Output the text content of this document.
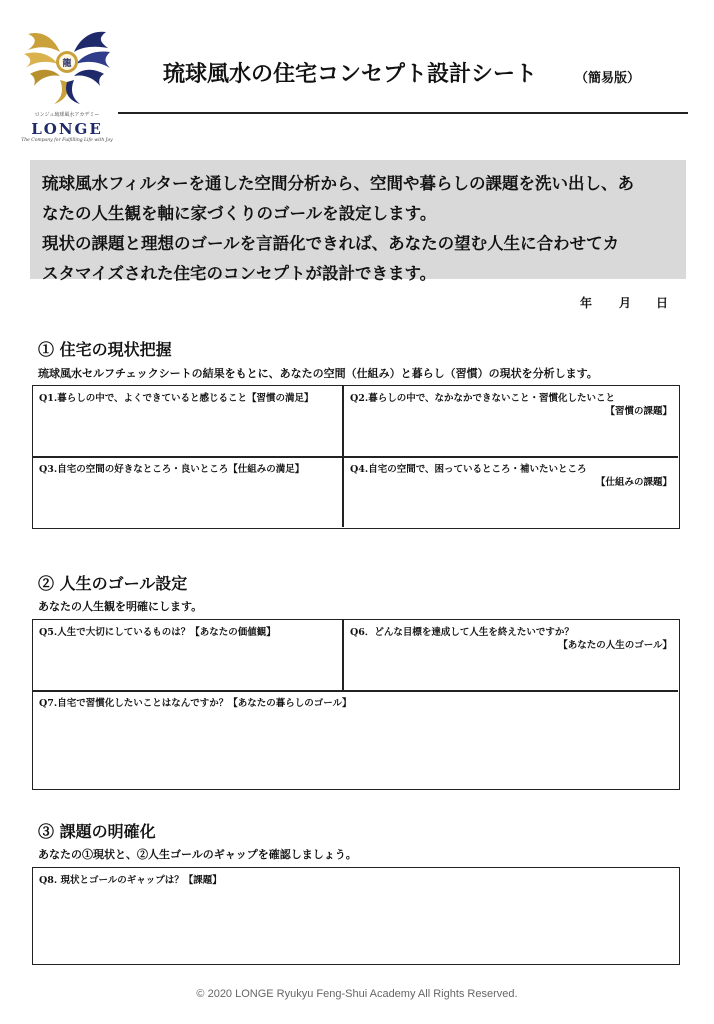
龍
ロンジュ琉球風水アカデミー
LONGE
The Company for Fulfilling Life with Joy
琉球風水の住宅コンセプト設計シート	（簡易版）

琉球風水フィルターを通した空間分析から、空間や暮らしの課題を洗い出し、あ

なたの人生観を軸に家づくりのゴールを設定します。

現状の課題と理想のゴールを言語化できれば、あなたの望む人生に合わせてカ

スタマイズされた住宅のコンセプトが設計できます。

年 月 日
① 住宅の現状把握
琉球風水セルフチェックシートの結果をもとに、あなたの空間（仕組み）と暮らし（習慣）の現状を分析します。
Q1.暮らしの中で、よくできていると感じること【習慣の満足】	Q2.暮らしの中で、なかなかできないこと・習慣化したいこと
【習慣の課題】
Q3.自宅の空間の好きなところ・良いところ【仕組みの満足】	Q4.自宅の空間で、困っているところ・補いたいところ
【仕組みの課題】
② 人生のゴール設定
あなたの人生観を明確にします。
Q5.人生で大切にしているものは？【あなたの価値観】	Q6．どんな目標を達成して人生を終えたいですか？
【あなたの人生のゴール】
Q7.自宅で習慣化したいことはなんですか？【あなたの暮らしのゴール】
③ 課題の明確化
あなたの①現状と、②人生ゴールのギャップを確認しましょう。
Q8. 現状とゴールのギャップは？【課題】
© 2020 LONGE Ryukyu Feng-Shui Academy All Rights Reserved.
